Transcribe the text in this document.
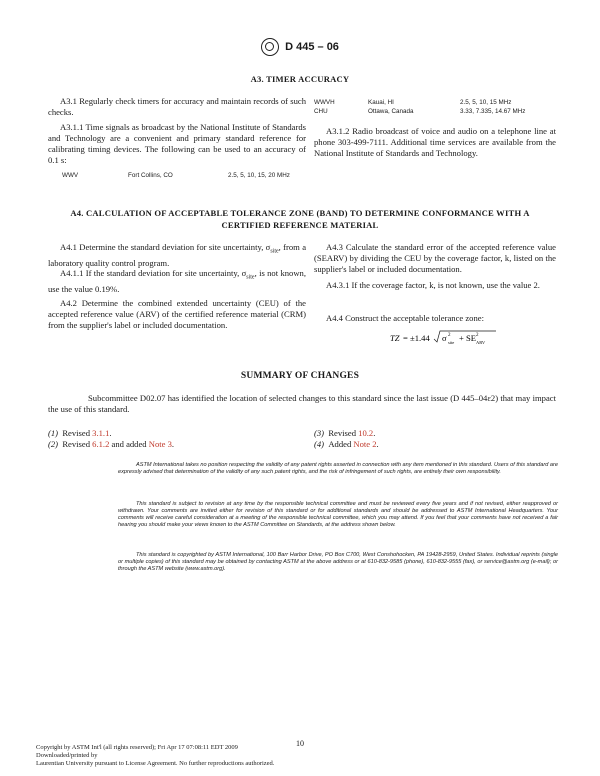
D 445 – 06
A3. TIMER ACCURACY
A3.1 Regularly check timers for accuracy and maintain records of such checks.
A3.1.1 Time signals as broadcast by the National Institute of Standards and Technology are a convenient and primary standard reference for calibrating timing devices. The following can be used to an accuracy of 0.1 s:
WWV	Fort Collins, CO	2.5, 5, 10, 15, 20 MHz
WWVH	Kauai, HI	2.5, 5, 10, 15 MHz
CHU	Ottawa, Canada	3.33, 7.335, 14.67 MHz
A3.1.2 Radio broadcast of voice and audio on a telephone line at phone 303-499-7111. Additional time services are available from the National Institute of Standards and Technology.
A4. CALCULATION OF ACCEPTABLE TOLERANCE ZONE (BAND) TO DETERMINE CONFORMANCE WITH A
CERTIFIED REFERENCE MATERIAL
A4.1 Determine the standard deviation for site uncertainty, $\sigma_{site}$, from a laboratory quality control program.
A4.1.1 If the standard deviation for site uncertainty, $\sigma_{site}$, is not known, use the value 0.19%.
A4.2 Determine the combined extended uncertainty (CEU) of the accepted reference value (ARV) of the certified reference material (CRM) from the supplier's label or included documentation.
A4.3 Calculate the standard error of the accepted reference value (SEARV) by dividing the CEU by the coverage factor, k, listed on the supplier's label or included documentation.
A4.3.1 If the coverage factor, k, is not known, use the value 2.
A4.4 Construct the acceptable tolerance zone:
TZ = ±1.44 σ 2
site + SE 2
ARV
SUMMARY OF CHANGES
Subcommittee D02.07 has identified the location of selected changes to this standard since the last issue (D 445–04ε2) that may impact the use of this standard.
(1) Revised 3.1.1.
(2) Revised 6.1.2 and added Note 3.
(3) Revised 10.2.
(4) Added Note 2.
ASTM International takes no position respecting the validity of any patent rights asserted in connection with any item mentioned in this standard. Users of this standard are expressly advised that determination of the validity of any such patent rights, and the risk of infringement of such rights, are entirely their own responsibility.
This standard is subject to revision at any time by the responsible technical committee and must be reviewed every five years and if not revised, either reapproved or withdrawn. Your comments are invited either for revision of this standard or for additional standards and should be addressed to ASTM International Headquarters. Your comments will receive careful consideration at a meeting of the responsible technical committee, which you may attend. If you feel that your comments have not received a fair hearing you should make your views known to the ASTM Committee on Standards, at the address shown below.
This standard is copyrighted by ASTM International, 100 Barr Harbor Drive, PO Box C700, West Conshohocken, PA 19428-2959, United States. Individual reprints (single or multiple copies) of this standard may be obtained by contacting ASTM at the above address or at 610-832-9585 (phone), 610-832-9555 (fax), or service@astm.org (e-mail); or through the ASTM website (www.astm.org).
10
Copyright by ASTM Int'l (all rights reserved); Fri Apr 17 07:08:11 EDT 2009
Downloaded/printed by
Laurentian University pursuant to License Agreement. No further reproductions authorized.
